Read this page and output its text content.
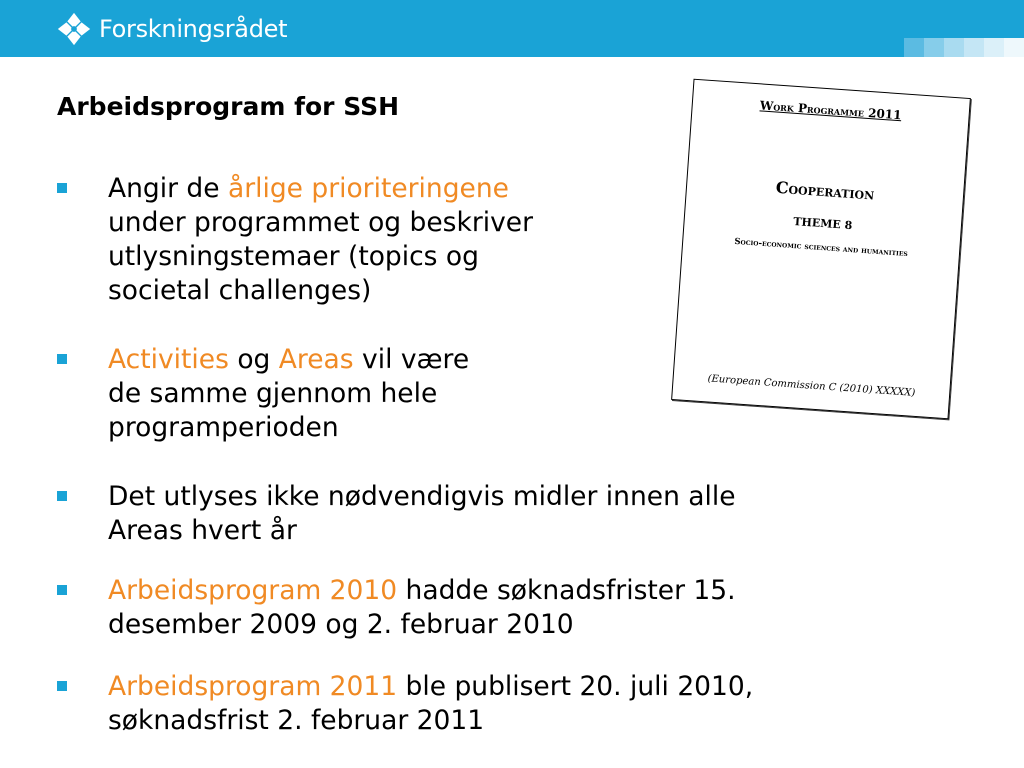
Forskningsrådet
Arbeidsprogram for SSH	Work Programme 2011
Cooperation
THEME 8
Socio-economic sciences and humanities
(European Commission C (2010) XXXXX)
Angir de årlige prioriteringene
under programmet og beskriver
utlysningstemaer (topics og
societal challenges)
Activities og Areas vil være
de samme gjennom hele
programperioden
Det utlyses ikke nødvendigvis midler innen alle
Areas hvert år
Arbeidsprogram 2010 hadde søknadsfrister 15.
desember 2009 og 2. februar 2010
Arbeidsprogram 2011 ble publisert 20. juli 2010,
søknadsfrist 2. februar 2011
